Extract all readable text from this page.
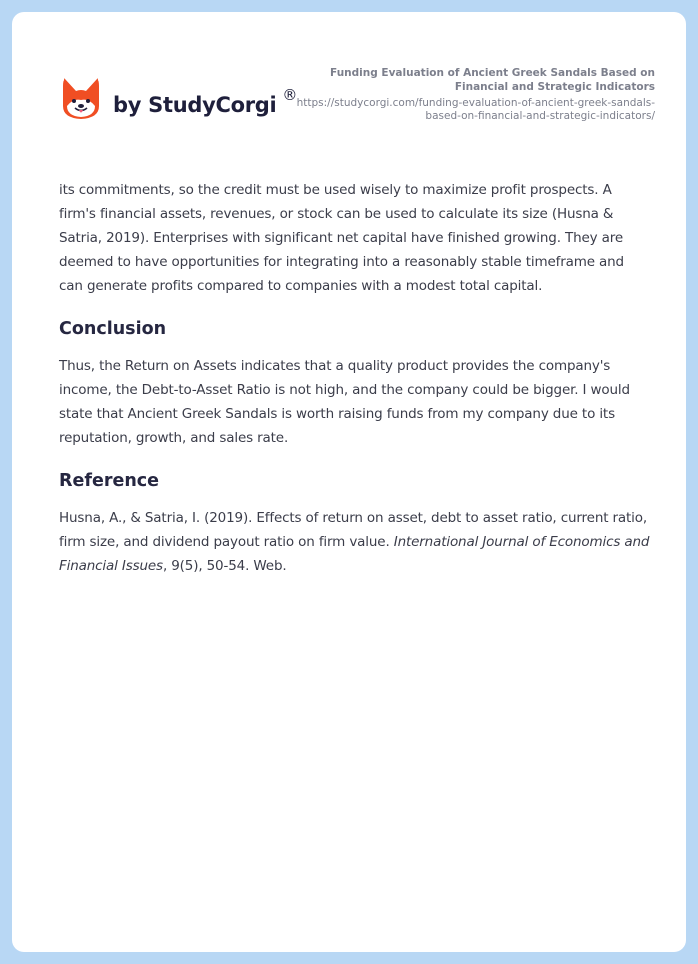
by StudyCorgi ®
Funding Evaluation of Ancient Greek Sandals Based on Financial and Strategic Indicators
https://studycorgi.com/funding-evaluation-of-ancient-greek-sandals-based-on-financial-and-strategic-indicators/

its commitments, so the credit must be used wisely to maximize profit prospects. A firm's financial assets, revenues, or stock can be used to calculate its size (Husna & Satria, 2019). Enterprises with significant net capital have finished growing. They are deemed to have opportunities for integrating into a reasonably stable timeframe and can generate profits compared to companies with a modest total capital.

Conclusion

Thus, the Return on Assets indicates that a quality product provides the company's income, the Debt-to-Asset Ratio is not high, and the company could be bigger. I would state that Ancient Greek Sandals is worth raising funds from my company due to its reputation, growth, and sales rate.

Reference

Husna, A., & Satria, I. (2019). Effects of return on asset, debt to asset ratio, current ratio, firm size, and dividend payout ratio on firm value. International Journal of Economics and Financial Issues, 9(5), 50-54. Web.
